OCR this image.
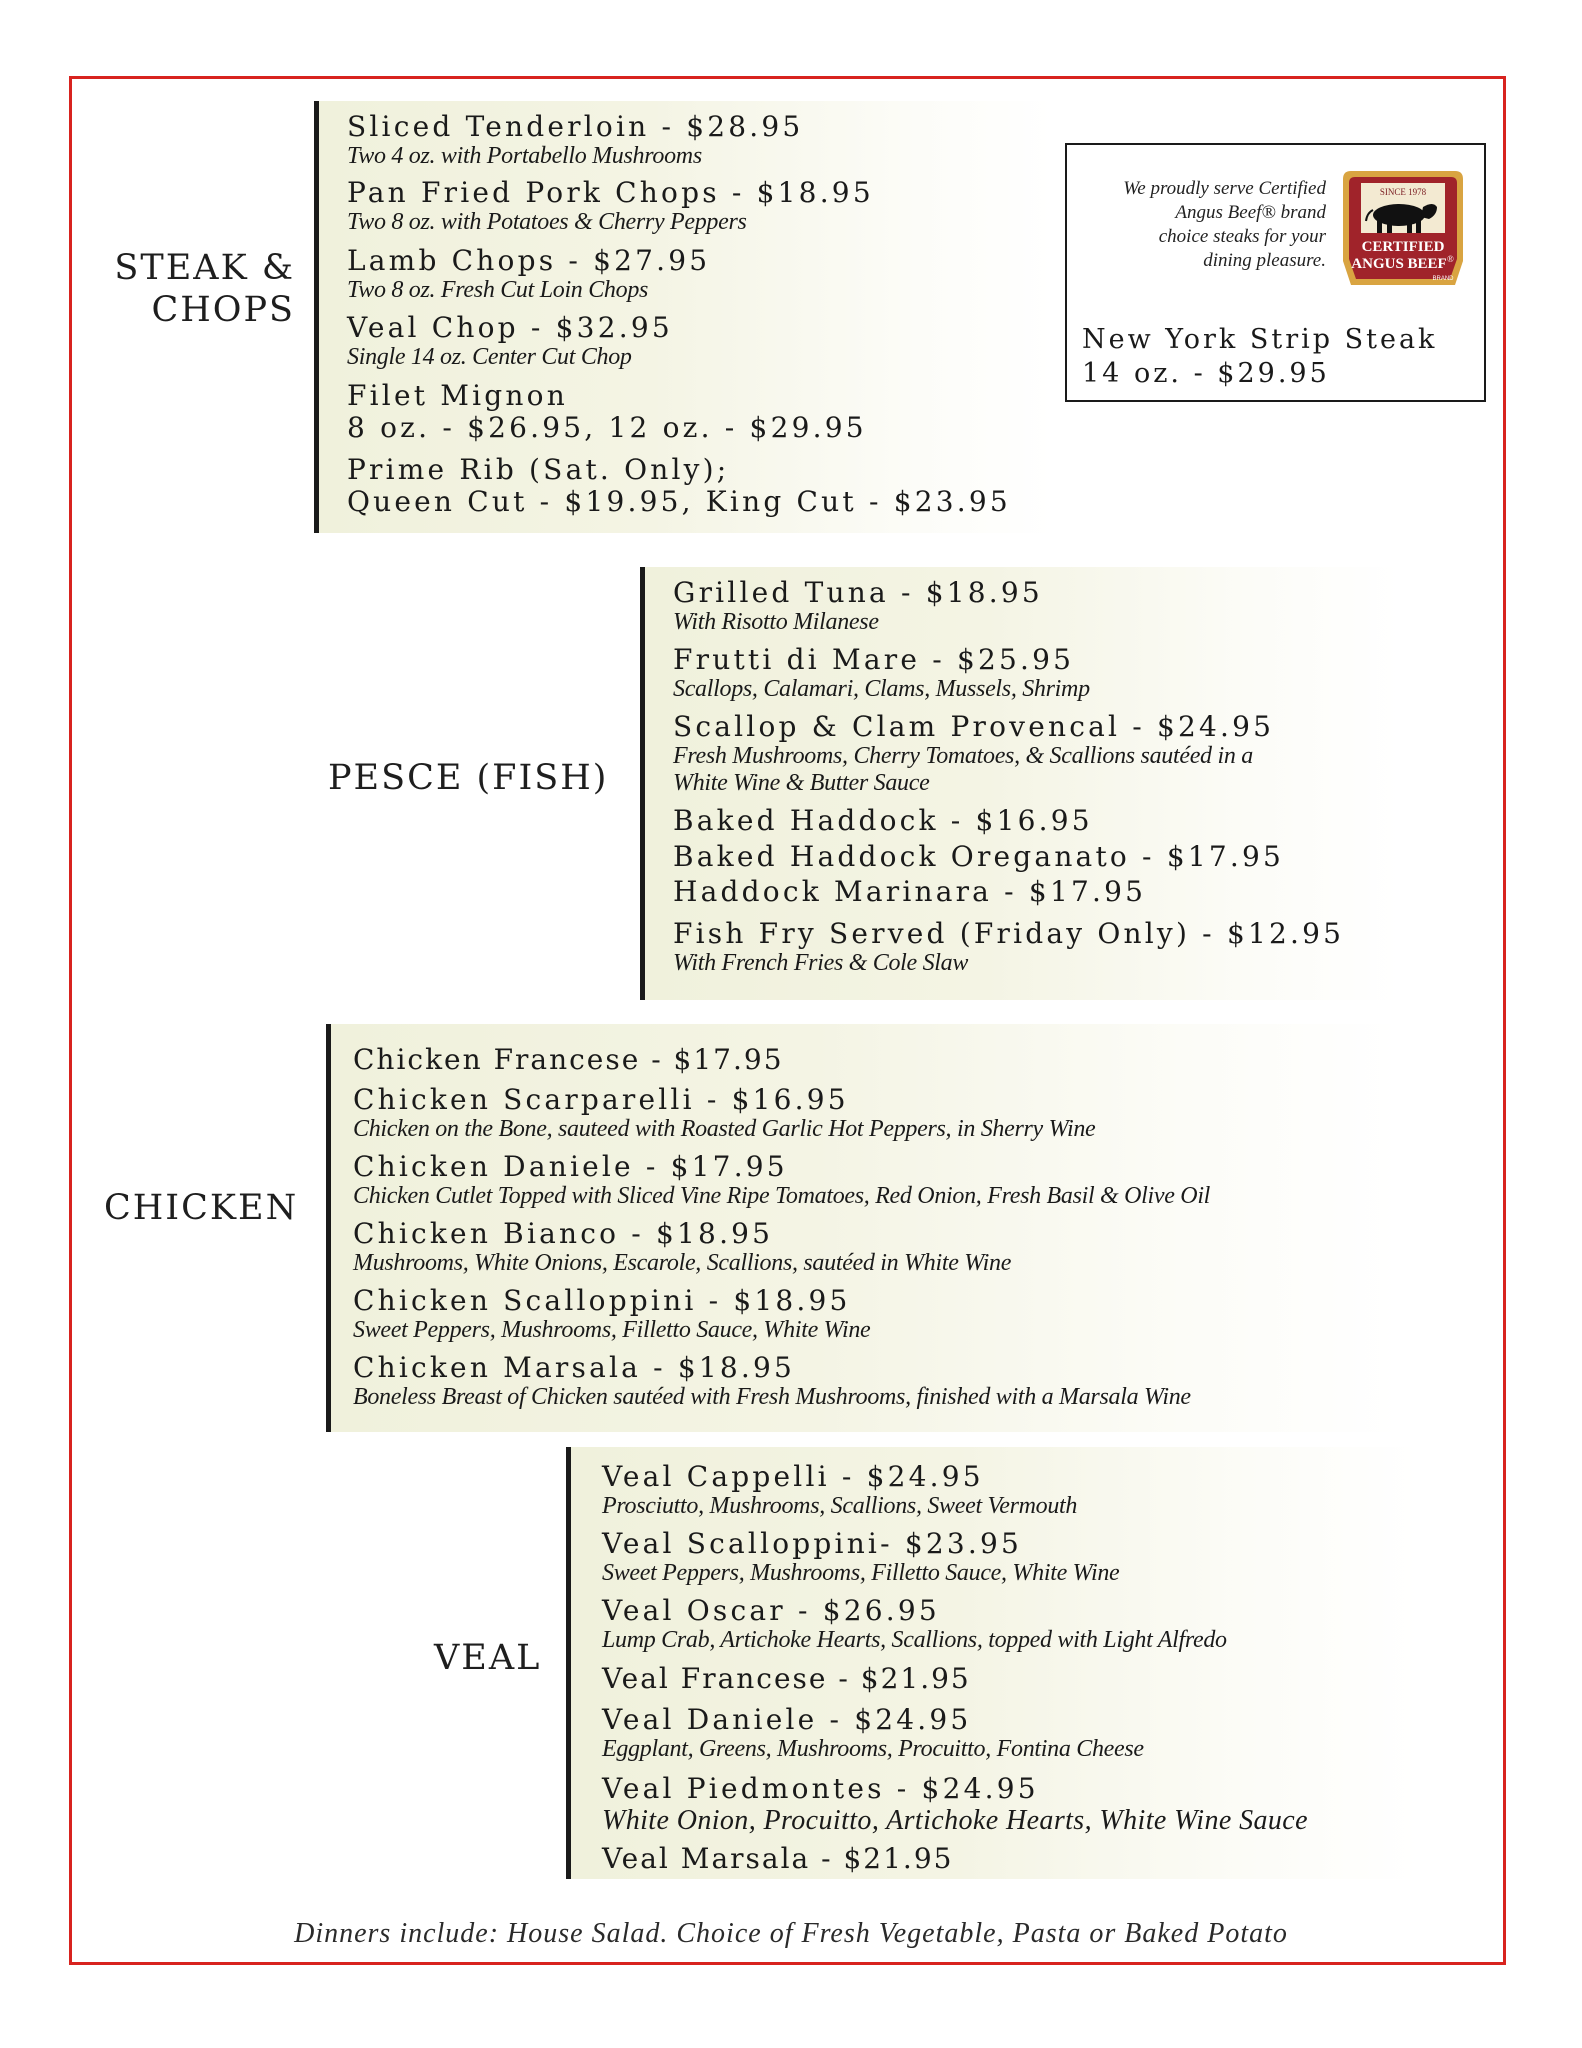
STEAK &
CHOPS
Sliced Tenderloin - $28.95
Two 4 oz. with Portabello Mushrooms
Pan Fried Pork Chops - $18.95
Two 8 oz. with Potatoes & Cherry Peppers
Lamb Chops - $27.95
Two 8 oz. Fresh Cut Loin Chops
Veal Chop - $32.95
Single 14 oz. Center Cut Chop
Filet Mignon
8 oz. - $26.95, 12 oz. - $29.95
Prime Rib (Sat. Only);
Queen Cut - $19.95, King Cut - $23.95
We proudly serve Certified
Angus Beef® brand
choice steaks for your
dining pleasure.
SINCE 1978
CERTIFIED
ANGUS BEEF ®
BRAND
New York Strip Steak
14 oz. - $29.95
PESCE (FISH)
Grilled Tuna - $18.95
With Risotto Milanese
Frutti di Mare - $25.95
Scallops, Calamari, Clams, Mussels, Shrimp
Scallop & Clam Provencal - $24.95
Fresh Mushrooms, Cherry Tomatoes, & Scallions sautéed in a
White Wine & Butter Sauce
Baked Haddock - $16.95
Baked Haddock Oreganato - $17.95
Haddock Marinara - $17.95
Fish Fry Served (Friday Only) - $12.95
With French Fries & Cole Slaw
CHICKEN
Chicken Francese - $17.95
Chicken Scarparelli - $16.95
Chicken on the Bone, sauteed with Roasted Garlic Hot Peppers, in Sherry Wine
Chicken Daniele - $17.95
Chicken Cutlet Topped with Sliced Vine Ripe Tomatoes, Red Onion, Fresh Basil & Olive Oil
Chicken Bianco - $18.95
Mushrooms, White Onions, Escarole, Scallions, sautéed in White Wine
Chicken Scalloppini - $18.95
Sweet Peppers, Mushrooms, Filletto Sauce, White Wine
Chicken Marsala - $18.95
Boneless Breast of Chicken sautéed with Fresh Mushrooms, finished with a Marsala Wine
VEAL
Veal Cappelli - $24.95
Prosciutto, Mushrooms, Scallions, Sweet Vermouth
Veal Scalloppini- $23.95
Sweet Peppers, Mushrooms, Filletto Sauce, White Wine
Veal Oscar - $26.95
Lump Crab, Artichoke Hearts, Scallions, topped with Light Alfredo
Veal Francese - $21.95
Veal Daniele - $24.95
Eggplant, Greens, Mushrooms, Procuitto, Fontina Cheese
Veal Piedmontes - $24.95
White Onion, Procuitto, Artichoke Hearts, White Wine Sauce
Veal Marsala - $21.95
Dinners include: House Salad. Choice of Fresh Vegetable, Pasta or Baked Potato
